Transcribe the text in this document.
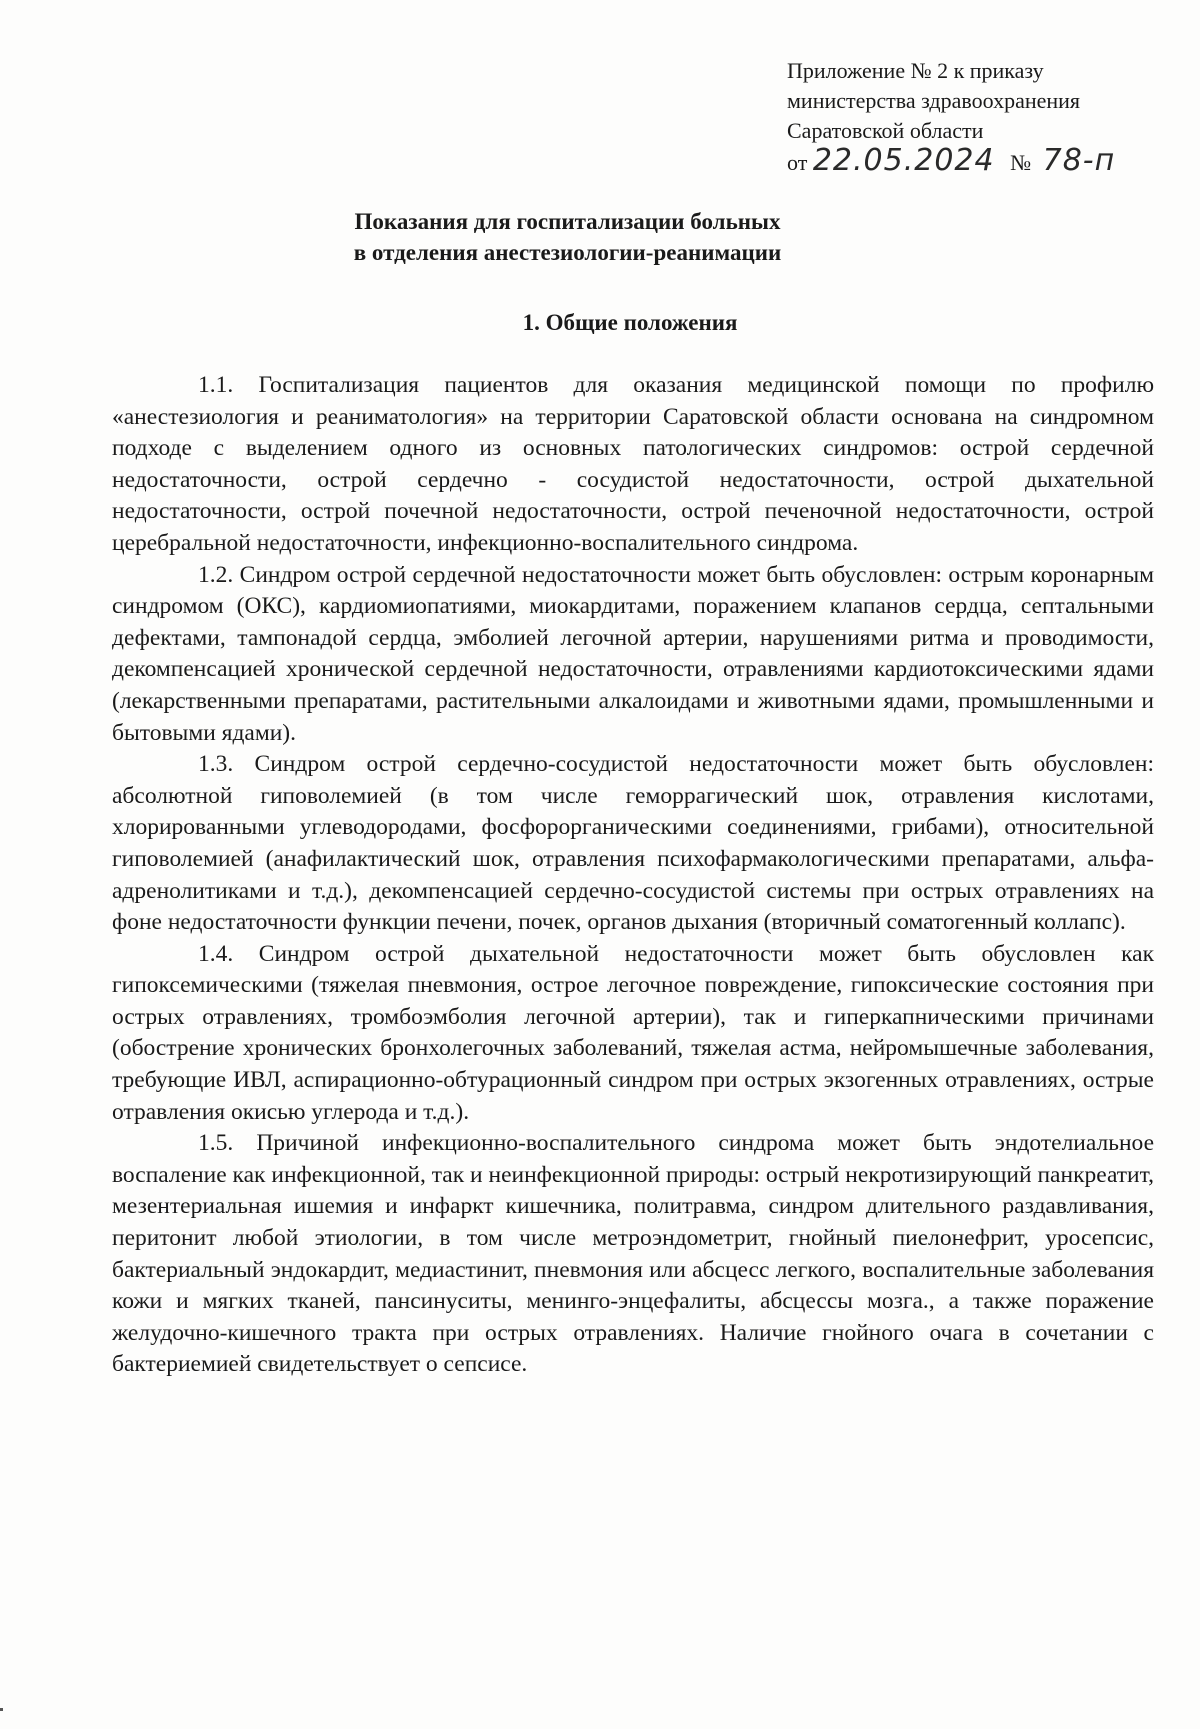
Приложение № 2 к приказу
министерства здравоохранения
Саратовской области
от 22.05.2024 № 78-п
Показания для госпитализации больных
в отделения анестезиологии-реанимации
1. Общие положения

1.1. Госпитализация пациентов для оказания медицинской помощи по профилю «анестезиология и реаниматология» на территории Саратовской области основана на синдромном подходе с выделением одного из основных патологических синдромов: острой сердечной недостаточности, острой сердечно - сосудистой недостаточности, острой дыхательной недостаточности, острой почечной недостаточности, острой печеночной недостаточности, острой церебральной недостаточности, инфекционно-воспалительного синдрома.

1.2. Синдром острой сердечной недостаточности может быть обусловлен: острым коронарным синдромом (ОКС), кардиомиопатиями, миокардитами, поражением клапанов сердца, септальными дефектами, тампонадой сердца, эмболией легочной артерии, нарушениями ритма и проводимости, декомпенсацией хронической сердечной недостаточности, отравлениями кардиотоксическими ядами (лекарственными препаратами, растительными алкалоидами и животными ядами, промышленными и бытовыми ядами).

1.3. Синдром острой сердечно-сосудистой недостаточности может быть обусловлен: абсолютной гиповолемией (в том числе геморрагический шок, отравления кислотами, хлорированными углеводородами, фосфорорганическими соединениями, грибами), относительной гиповолемией (анафилактический шок, отравления психофармакологическими препаратами, альфа-адренолитиками и т.д.), декомпенсацией сердечно-сосудистой системы при острых отравлениях на фоне недостаточности функции печени, почек, органов дыхания (вторичный соматогенный коллапс).

1.4. Синдром острой дыхательной недостаточности может быть обусловлен как гипоксемическими (тяжелая пневмония, острое легочное повреждение, гипоксические состояния при острых отравлениях, тромбоэмболия легочной артерии), так и гиперкапническими причинами (обострение хронических бронхолегочных заболеваний, тяжелая астма, нейромышечные заболевания, требующие ИВЛ, аспирационно-обтурационный синдром при острых экзогенных отравлениях, острые отравления окисью углерода и т.д.).

1.5. Причиной инфекционно-воспалительного синдрома может быть эндотелиальное воспаление как инфекционной, так и неинфекционной природы: острый некротизирующий панкреатит, мезентериальная ишемия и инфаркт кишечника, политравма, синдром длительного раздавливания, перитонит любой этиологии, в том числе метроэндометрит, гнойный пиелонефрит, уросепсис, бактериальный эндокардит, медиастинит, пневмония или абсцесс легкого, воспалительные заболевания кожи и мягких тканей, пансинуситы, менинго-энцефалиты, абсцессы мозга., а также поражение желудочно-кишечного тракта при острых отравлениях. Наличие гнойного очага в сочетании с бактериемией свидетельствует о сепсисе.
